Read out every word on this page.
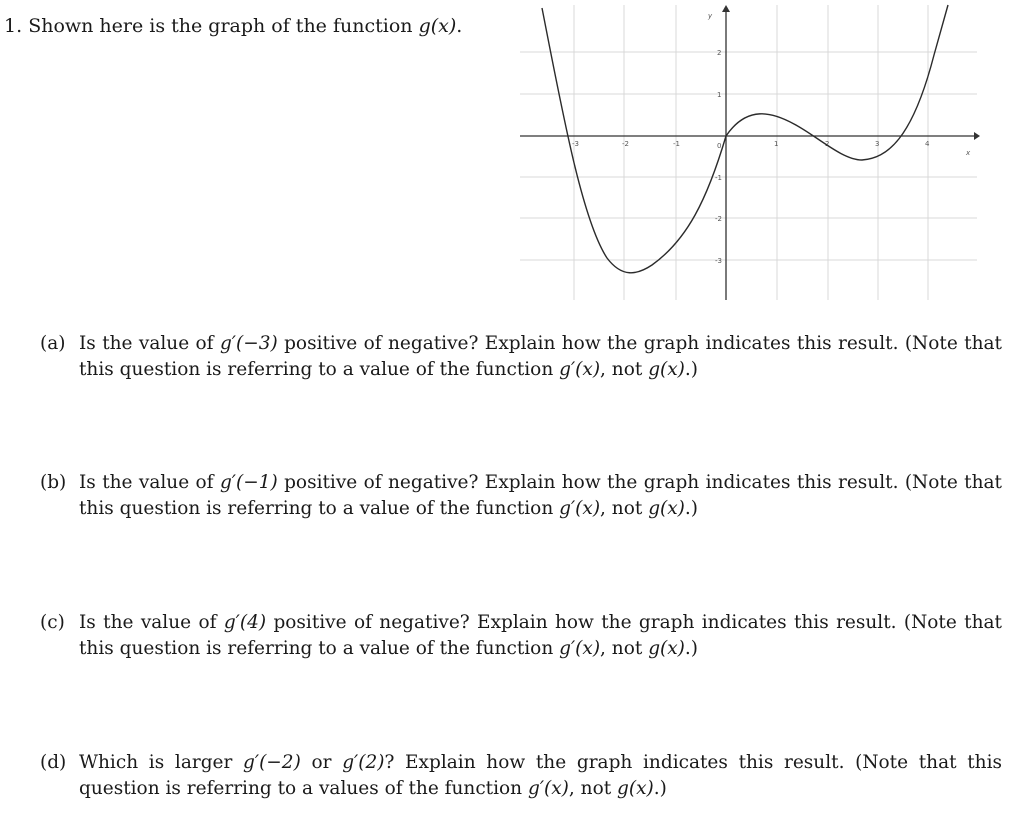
1. Shown here is the graph of the function g(x).
-3	-2	-1	0	1	2	3	4
2
1
-1
-2
-3
x
y
(a) Is the value of g′(−3) positive of negative? Explain how the graph indicates this result. (Note that this question is referring to a value of the function g′(x), not g(x).)
(b) Is the value of g′(−1) positive of negative? Explain how the graph indicates this result. (Note that this question is referring to a value of the function g′(x), not g(x).)
(c) Is the value of g′(4) positive of negative? Explain how the graph indicates this result. (Note that this question is referring to a value of the function g′(x), not g(x).)
(d) Which is larger g′(−2) or g′(2)? Explain how the graph indicates this result. (Note that this question is referring to a values of the function g′(x), not g(x).)
